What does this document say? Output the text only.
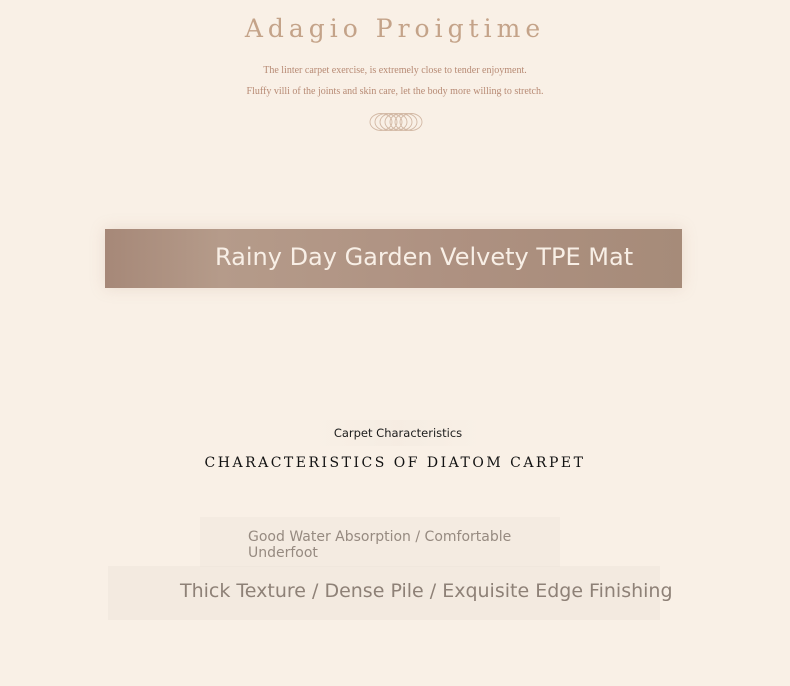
Adagio Proigtime

The linter carpet exercise, is extremely close to tender enjoyment.

Fluffy villi of the joints and skin care, let the body more willing to stretch.

Rainy Day Garden Velvety TPE Mat
Carpet Characteristics
CHARACTERISTICS OF DIATOM CARPET
Good Water Absorption / Comfortable Underfoot
Thick Texture / Dense Pile / Exquisite Edge Finishing
